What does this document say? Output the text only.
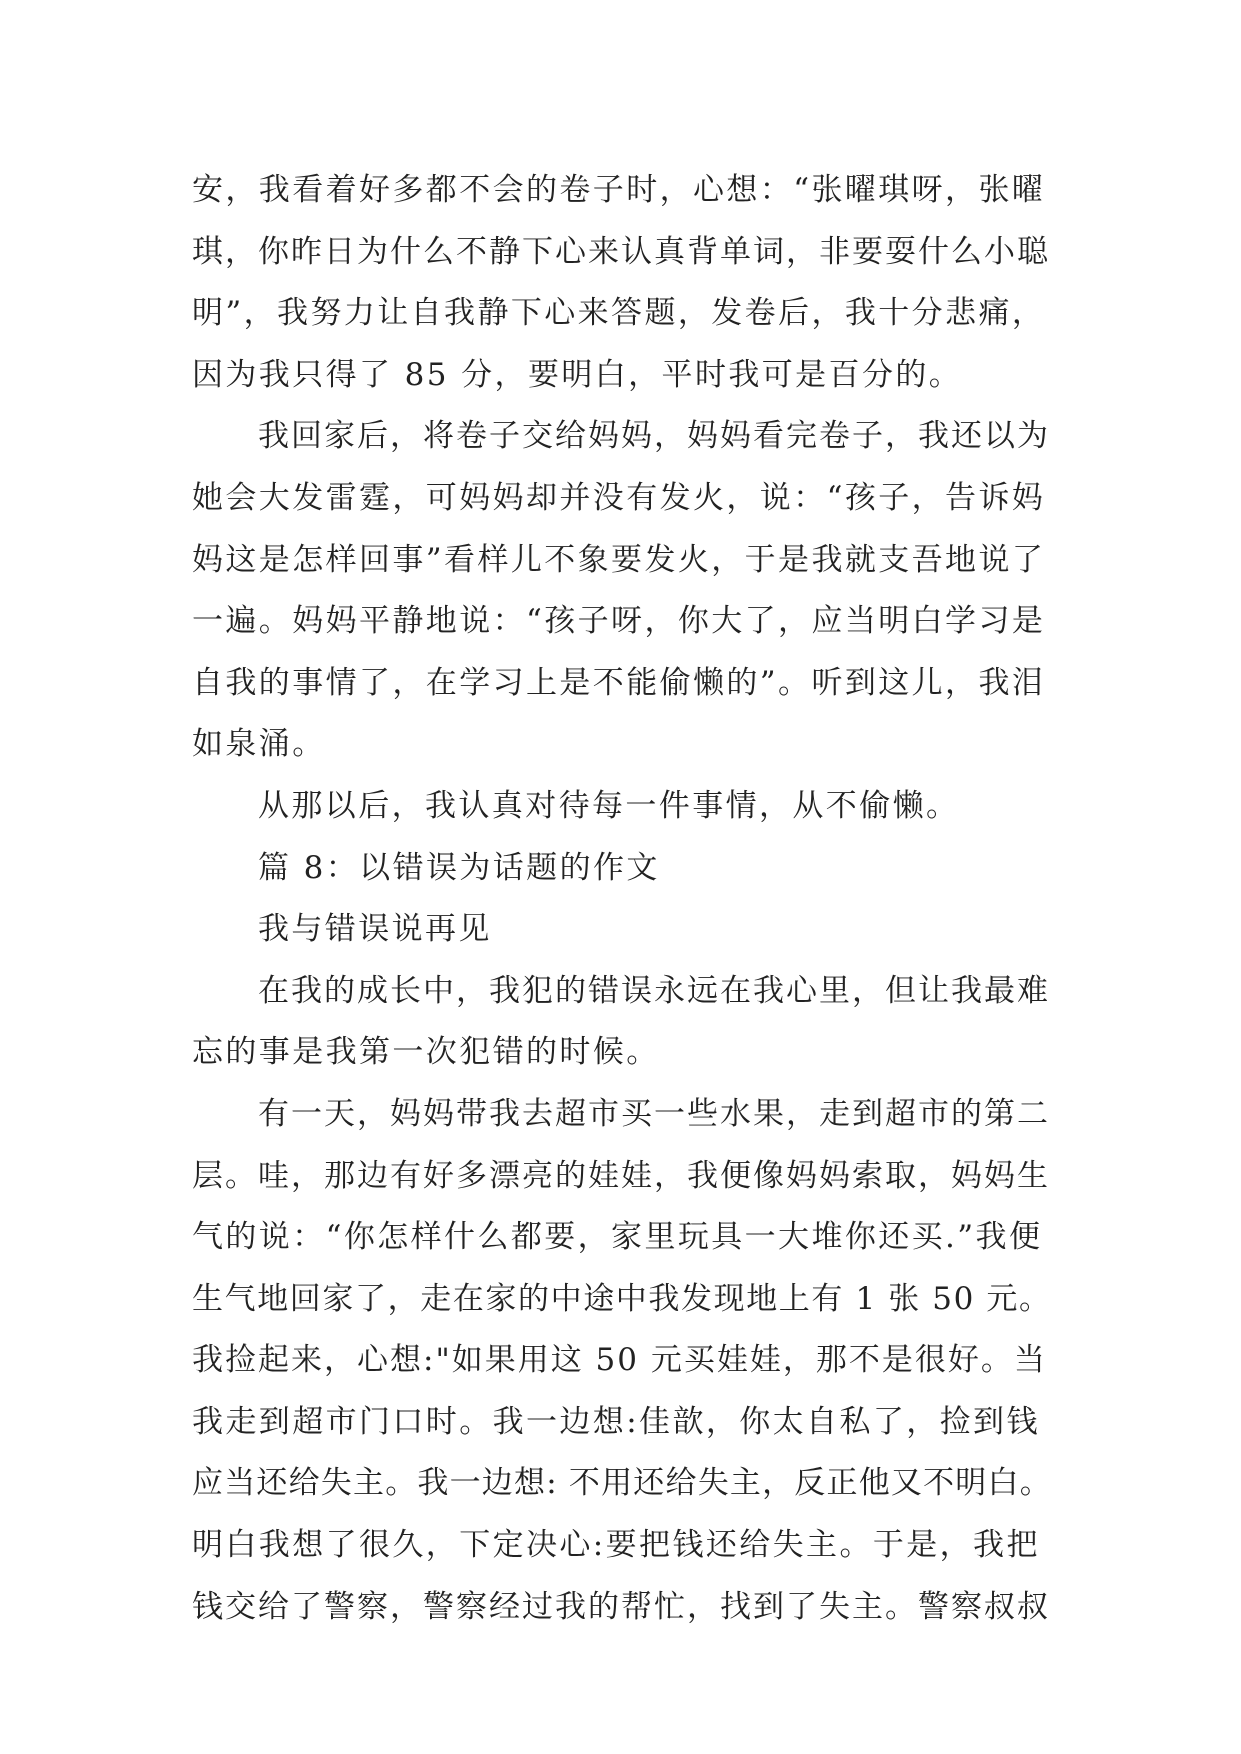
安，我看着好多都不会的卷子时，心想：“张曜琪呀，张曜
琪，你昨日为什么不静下心来认真背单词，非要耍什么小聪
明”，我努力让自我静下心来答题，发卷后，我十分悲痛，
因为我只得了 85 分，要明白，平时我可是百分的。
我回家后，将卷子交给妈妈，妈妈看完卷子，我还以为
她会大发雷霆，可妈妈却并没有发火，说：“孩子，告诉妈
妈这是怎样回事”看样儿不象要发火，于是我就支吾地说了
一遍。妈妈平静地说：“孩子呀，你大了，应当明白学习是
自我的事情了，在学习上是不能偷懒的”。听到这儿，我泪
如泉涌。
从那以后，我认真对待每一件事情，从不偷懒。
篇 8：以错误为话题的作文
我与错误说再见
在我的成长中，我犯的错误永远在我心里，但让我最难
忘的事是我第一次犯错的时候。
有一天，妈妈带我去超市买一些水果，走到超市的第二
层。哇，那边有好多漂亮的娃娃，我便像妈妈索取，妈妈生
气的说：“你怎样什么都要，家里玩具一大堆你还买.”我便
生气地回家了，走在家的中途中我发现地上有 1 张 50 元。
我捡起来，心想:"如果用这 50 元买娃娃，那不是很好。当
我走到超市门口时。我一边想:佳歆，你太自私了，捡到钱
应当还给失主。我一边想: 不用还给失主，反正他又不明白。
明白我想了很久，下定决心:要把钱还给失主。于是，我把
钱交给了警察，警察经过我的帮忙，找到了失主。警察叔叔
